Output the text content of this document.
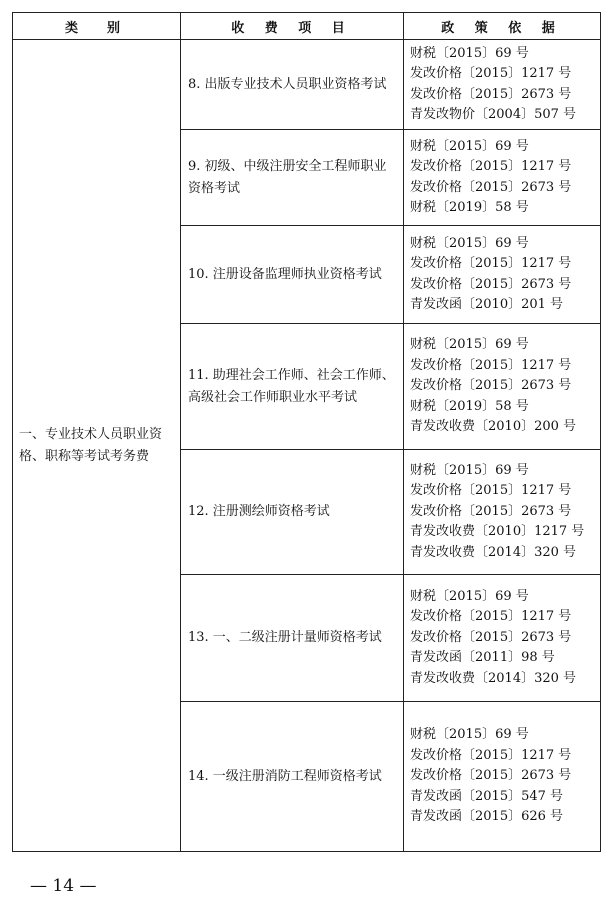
类　别	收 费 项 目	政 策 依 据
一、专业技术人员职业资格、职称等考试考务费	8. 出版专业技术人员职业资格考试	财税〔2015〕69 号
发改价格〔2015〕1217 号
发改价格〔2015〕2673 号
青发改物价〔2004〕507 号

	9. 初级、中级注册安全工程师职业资格考试	财税〔2015〕69 号
发改价格〔2015〕1217 号
发改价格〔2015〕2673 号
财税〔2019〕58 号

	10. 注册设备监理师执业资格考试	财税〔2015〕69 号
发改价格〔2015〕1217 号
发改价格〔2015〕2673 号
青发改函〔2010〕201 号

	11. 助理社会工作师、社会工作师、高级社会工作师职业水平考试	财税〔2015〕69 号
发改价格〔2015〕1217 号
发改价格〔2015〕2673 号
财税〔2019〕58 号
青发改收费〔2010〕200 号

	12. 注册测绘师资格考试	财税〔2015〕69 号
发改价格〔2015〕1217 号
发改价格〔2015〕2673 号
青发改收费〔2010〕1217 号
青发改收费〔2014〕320 号

	13. 一、二级注册计量师资格考试	财税〔2015〕69 号
发改价格〔2015〕1217 号
发改价格〔2015〕2673 号
青发改函〔2011〕98 号
青发改收费〔2014〕320 号

	14. 一级注册消防工程师资格考试	财税〔2015〕69 号
发改价格〔2015〕1217 号
发改价格〔2015〕2673 号
青发改函〔2015〕547 号
青发改函〔2015〕626 号
— 14 —
